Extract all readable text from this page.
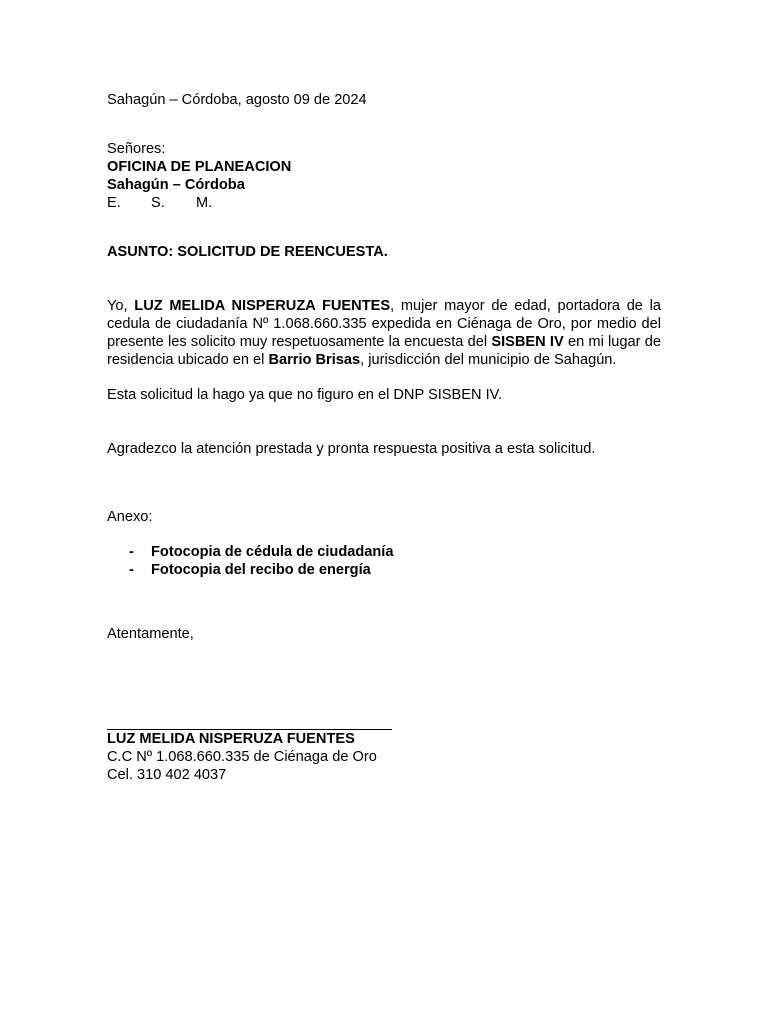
Sahagún – Córdoba, agosto 09 de 2024
Señores:
OFICINA DE PLANEACION
Sahagún – Córdoba
E. S. M.
ASUNTO: SOLICITUD DE REENCUESTA.

Yo, LUZ MELIDA NISPERUZA FUENTES, mujer mayor de edad, portadora de la cedula de ciudadanía Nº 1.068.660.335 expedida en Ciénaga de Oro, por medio del presente les solicito muy respetuosamente la encuesta del SISBEN IV en mi lugar de residencia ubicado en el Barrio Brisas, jurisdicción del municipio de Sahagún.

Esta solicitud la hago ya que no figuro en el DNP SISBEN IV.
Agradezco la atención prestada y pronta respuesta positiva a esta solicitud.
Anexo:
-	Fotocopia de cédula de ciudadanía
-	Fotocopia del recibo de energía
Atentamente,
LUZ MELIDA NISPERUZA FUENTES
C.C Nº 1.068.660.335 de Ciénaga de Oro
Cel. 310 402 4037
